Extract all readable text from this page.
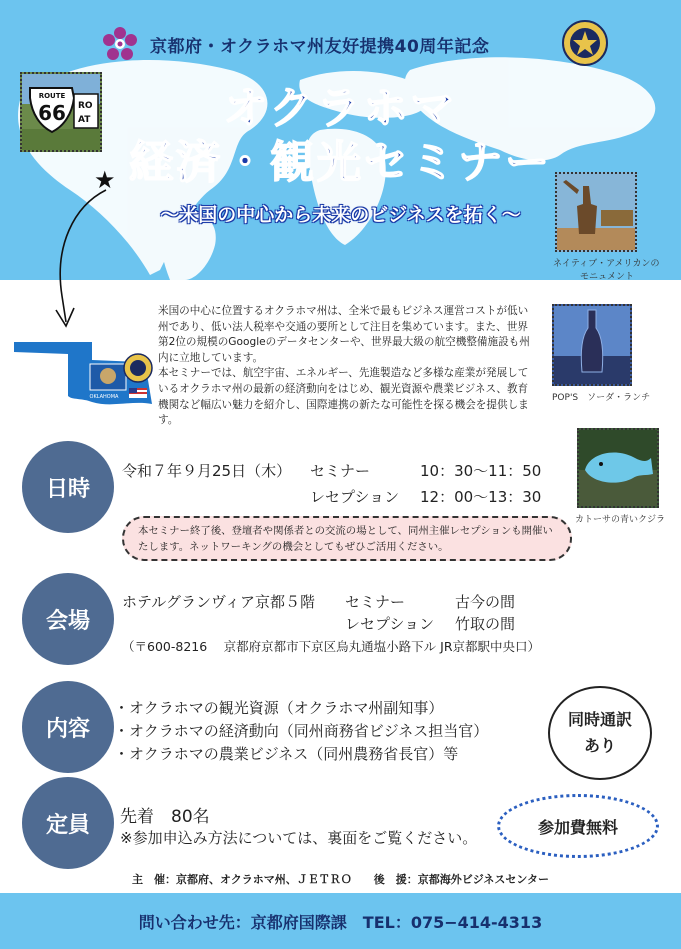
京都府・オクラホマ州友好提携40周年記念
オクラホマ
経済・観光セミナー
〜米国の中心から未来のビジネスを拓く〜
RO
AT
ROUTE
66
★
ネイティブ・アメリカンの
モニュメント
OKLAHOMA

米国の中心に位置するオクラホマ州は、全米で最もビジネス運営コストが低い州であり、低い法人税率や交通の要所として注目を集めています。また、世界第2位の規模のGoogleのデータセンターや、世界最大級の航空機整備施設も州内に立地しています。

本セミナーでは、航空宇宙、エネルギー、先進製造など多様な産業が発展しているオクラホマ州の最新の経済動向をはじめ、観光資源や農業ビジネス、教育機関など幅広い魅力を紹介し、国際連携の新たな可能性を探る機会を提供します。

POP'S　ソーダ・ランチ
カトーサの青いクジラ
日時
令和７年９月25日（木） セミナー	10：30〜11：50
レセプション 12：00〜13：30
本セミナー終了後、登壇者や関係者との交流の場として、同州主催レセプションも開催いたします。ネットワーキングの機会としてもぜひご活用ください。
会場
ホテルグランヴィア京都５階 セミナー	古今の間
レセプション 竹取の間
（〒600-8216　 京都府京都市下京区烏丸通塩小路下ル JR京都駅中央口）
内容
・オクラホマの観光資源（オクラホマ州副知事）
・オクラホマの経済動向（同州商務省ビジネス担当官）
・オクラホマの農業ビジネス（同州農務省長官）等
同時通訳
あり
定員	先着　80名
※参加申込み方法については、裏面をご覧ください。
参加費無料
主　催：京都府、オクラホマ州、ＪＥＴＲＯ　　後　援：京都海外ビジネスセンター
問い合わせ先：京都府国際課　TEL：075−414-4313
